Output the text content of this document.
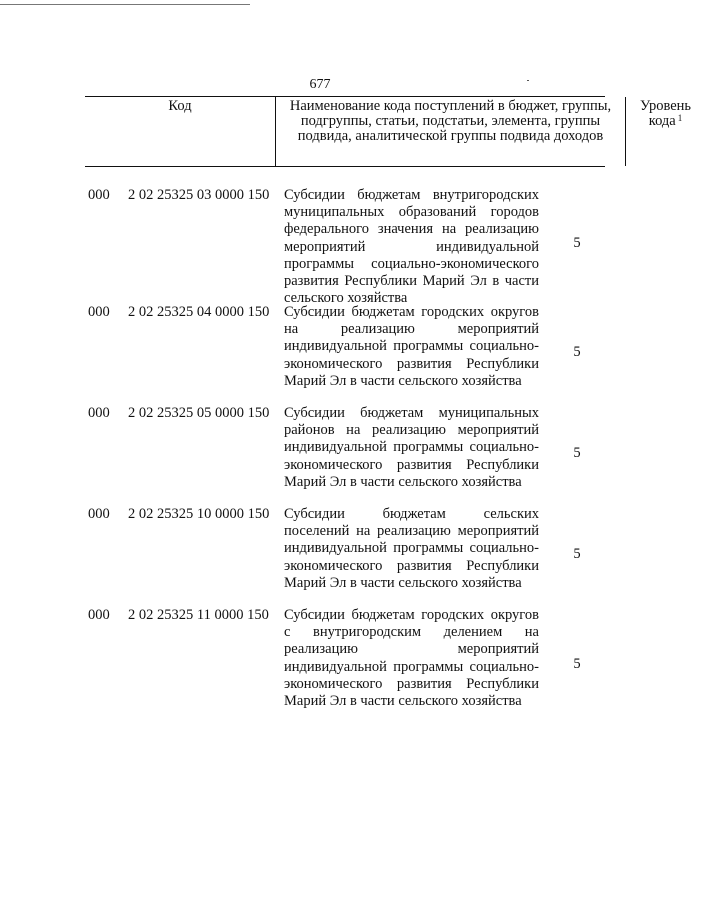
677
Код	Наименование кода поступлений в бюджет, группы, подгруппы, статьи, подстатьи, элемента, группы подвида, аналитической группы подвида доходов
Уровень кода $^1$
000 2 02 25325 03 0000 150 Субсидии бюджетам внутригородских муниципальных образований городов федерального значения на реализацию мероприятий индивидуальной программы социально-экономического развития Республики Марий Эл в части сельского хозяйства
5
000 2 02 25325 04 0000 150 Субсидии бюджетам городских округов на реализацию мероприятий индивидуальной программы социально-экономического развития Республики Марий Эл в части сельского хозяйства
5
000 2 02 25325 05 0000 150 Субсидии бюджетам муниципальных районов на реализацию мероприятий индивидуальной программы социально-экономического развития Республики Марий Эл в части сельского хозяйства
5
000 2 02 25325 10 0000 150 Субсидии бюджетам сельских поселений на реализацию мероприятий индивидуальной программы социально-экономического развития Республики Марий Эл в части сельского хозяйства
5
000 2 02 25325 11 0000 150 Субсидии бюджетам городских округов с внутригородским делением на реализацию мероприятий индивидуальной программы социально-экономического развития Республики Марий Эл в части сельского хозяйства
5
